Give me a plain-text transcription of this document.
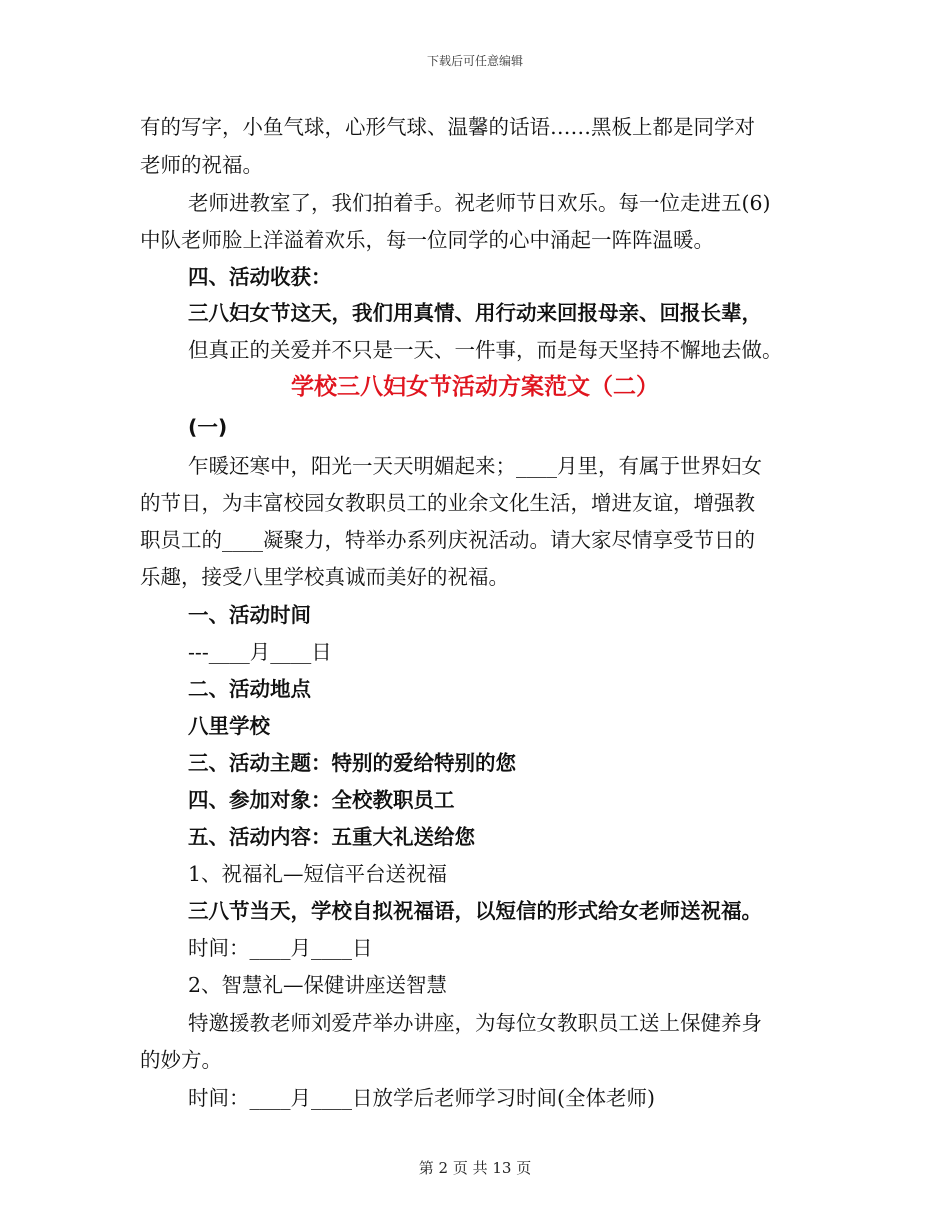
下载后可任意编辑
有的写字，小鱼气球，心形气球、温馨的话语……黑板上都是同学对
老师的祝福。
老师进教室了，我们拍着手。祝老师节日欢乐。每一位走进五(6)
中队老师脸上洋溢着欢乐，每一位同学的心中涌起一阵阵温暖。
四、活动收获：
三八妇女节这天，我们用真情、用行动来回报母亲、回报长辈，
但真正的关爱并不只是一天、一件事，而是每天坚持不懈地去做。
学校三八妇女节活动方案范文（二）
(一)
乍暖还寒中，阳光一天天明媚起来；____月里，有属于世界妇女
的节日，为丰富校园女教职员工的业余文化生活，增进友谊，增强教
职员工的____凝聚力，特举办系列庆祝活动。请大家尽情享受节日的
乐趣，接受八里学校真诚而美好的祝福。
一、活动时间
---____月____日
二、活动地点
八里学校
三、活动主题：特别的爱给特别的您
四、参加对象：全校教职员工
五、活动内容：五重大礼送给您
1、祝福礼—短信平台送祝福
三八节当天，学校自拟祝福语，以短信的形式给女老师送祝福。
时间：____月____日
2、智慧礼—保健讲座送智慧
特邀援教老师刘爱芹举办讲座，为每位女教职员工送上保健养身
的妙方。
时间：____月____日放学后老师学习时间(全体老师)
第 2 页 共 13 页
